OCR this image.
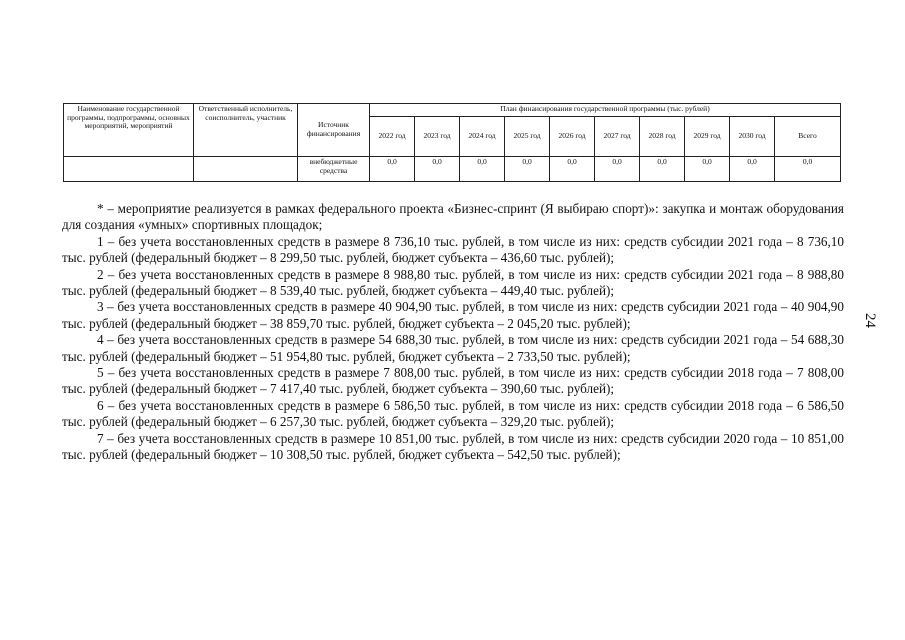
Наименование государственной программы, подпрограммы, основных мероприятий, мероприятий	Ответственный исполнитель, соисполнитель, участник	Источник финансирования	План финансирования государственной программы (тыс. рублей)									
			2022 год	2023 год	2024 год	2025 год	2026 год	2027 год	2028 год	2029 год	2030 год	Всего
		внебюджетные средства	0,0	0,0	0,0	0,0	0,0	0,0	0,0	0,0	0,0	0,0

* – мероприятие реализуется в рамках федерального проекта «Бизнес-спринт (Я выбираю спорт)»: закупка и монтаж оборудования для создания «умных» спортивных площадок;

1 – без учета восстановленных средств в размере 8 736,10 тыс. рублей, в том числе из них: средств субсидии 2021 года – 8 736,10 тыс. рублей (федеральный бюджет – 8 299,50 тыс. рублей, бюджет субъекта – 436,60 тыс. рублей);

2 – без учета восстановленных средств в размере 8 988,80 тыс. рублей, в том числе из них: средств субсидии 2021 года – 8 988,80 тыс. рублей (федеральный бюджет – 8 539,40 тыс. рублей, бюджет субъекта – 449,40 тыс. рублей);

3 – без учета восстановленных средств в размере 40 904,90 тыс. рублей, в том числе из них: средств субсидии 2021 года – 40 904,90 тыс. рублей (федеральный бюджет – 38 859,70 тыс. рублей, бюджет субъекта – 2 045,20 тыс. рублей);

4 – без учета восстановленных средств в размере 54 688,30 тыс. рублей, в том числе из них: средств субсидии 2021 года – 54 688,30 тыс. рублей (федеральный бюджет – 51 954,80 тыс. рублей, бюджет субъекта – 2 733,50 тыс. рублей);

5 – без учета восстановленных средств в размере 7 808,00 тыс. рублей, в том числе из них: средств субсидии 2018 года – 7 808,00 тыс. рублей (федеральный бюджет – 7 417,40 тыс. рублей, бюджет субъекта – 390,60 тыс. рублей);

6 – без учета восстановленных средств в размере 6 586,50 тыс. рублей, в том числе из них: средств субсидии 2018 года – 6 586,50 тыс. рублей (федеральный бюджет – 6 257,30 тыс. рублей, бюджет субъекта – 329,20 тыс. рублей);

7 – без учета восстановленных средств в размере 10 851,00 тыс. рублей, в том числе из них: средств субсидии 2020 года – 10 851,00 тыс. рублей (федеральный бюджет – 10 308,50 тыс. рублей, бюджет субъекта – 542,50 тыс. рублей);

24
